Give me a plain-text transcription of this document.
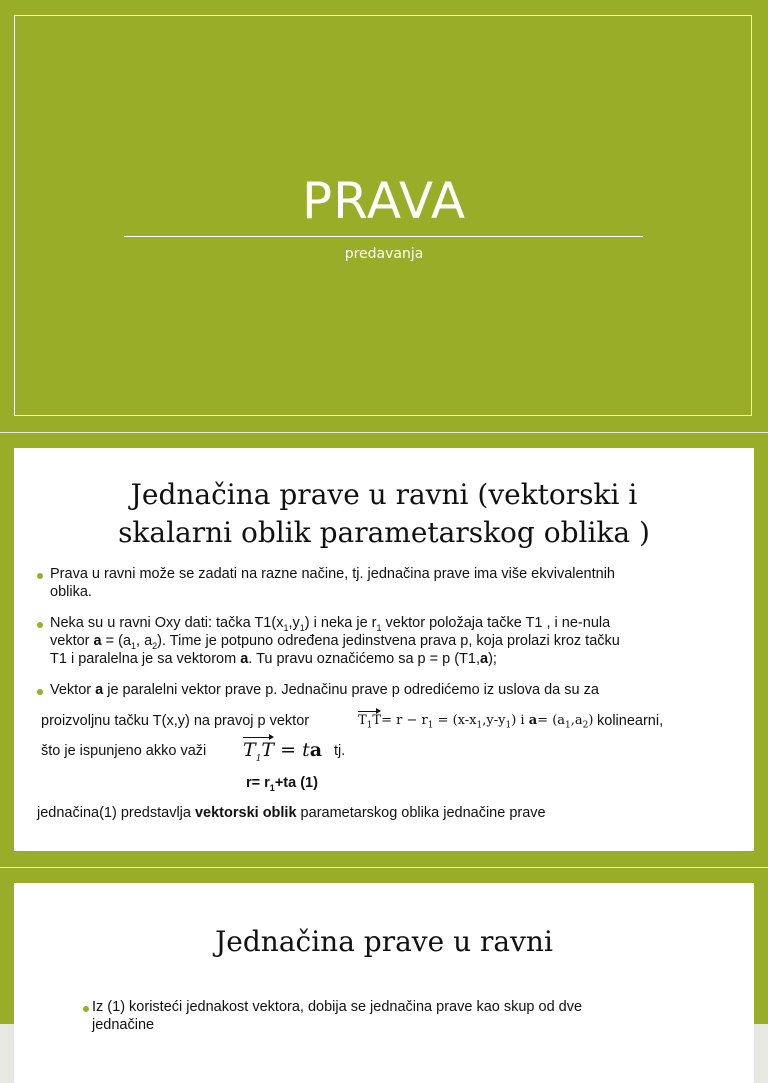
PRAVA
predavanja
Jednačina prave u ravni (vektorski i
skalarni oblik parametarskog oblika )
Prava u ravni može se zadati na razne načine, tj. jednačina prave ima više ekvivalentnih
oblika.
Neka su u ravni Oxy dati: tačka $T1(x_1,y_1)$ i neka je $r_1$ vektor položaja tačke T1 , i ne-nula
vektor $a = (a_1$, $a_2$). Time je potpuno određena jedinstvena prava p, koja prolazi kroz tačku
T1 i paralelna je sa vektorom a. Tu pravu označićemo sa p = p (T1,a);
Vektor a je paralelni vektor prave p. Jednačinu prave p odredićemo iz uslova da su za
proizvoljnu tačku T(x,y) na pravoj p vektor	$T_1T= r - r_1 = (x-x_1,y-y_1)$ i $a= (a_1,a_2)$ kolinearni,
što je ispunjeno akko važi $T_1T$ = ta tj.
$r= r_1+ta$ (1)
jednačina(1) predstavlja vektorski oblik parametarskog oblika jednačine prave
Jednačina prave u ravni
Iz (1) koristeći jednakost vektora, dobija se jednačina prave kao skup od dve
jednačine
